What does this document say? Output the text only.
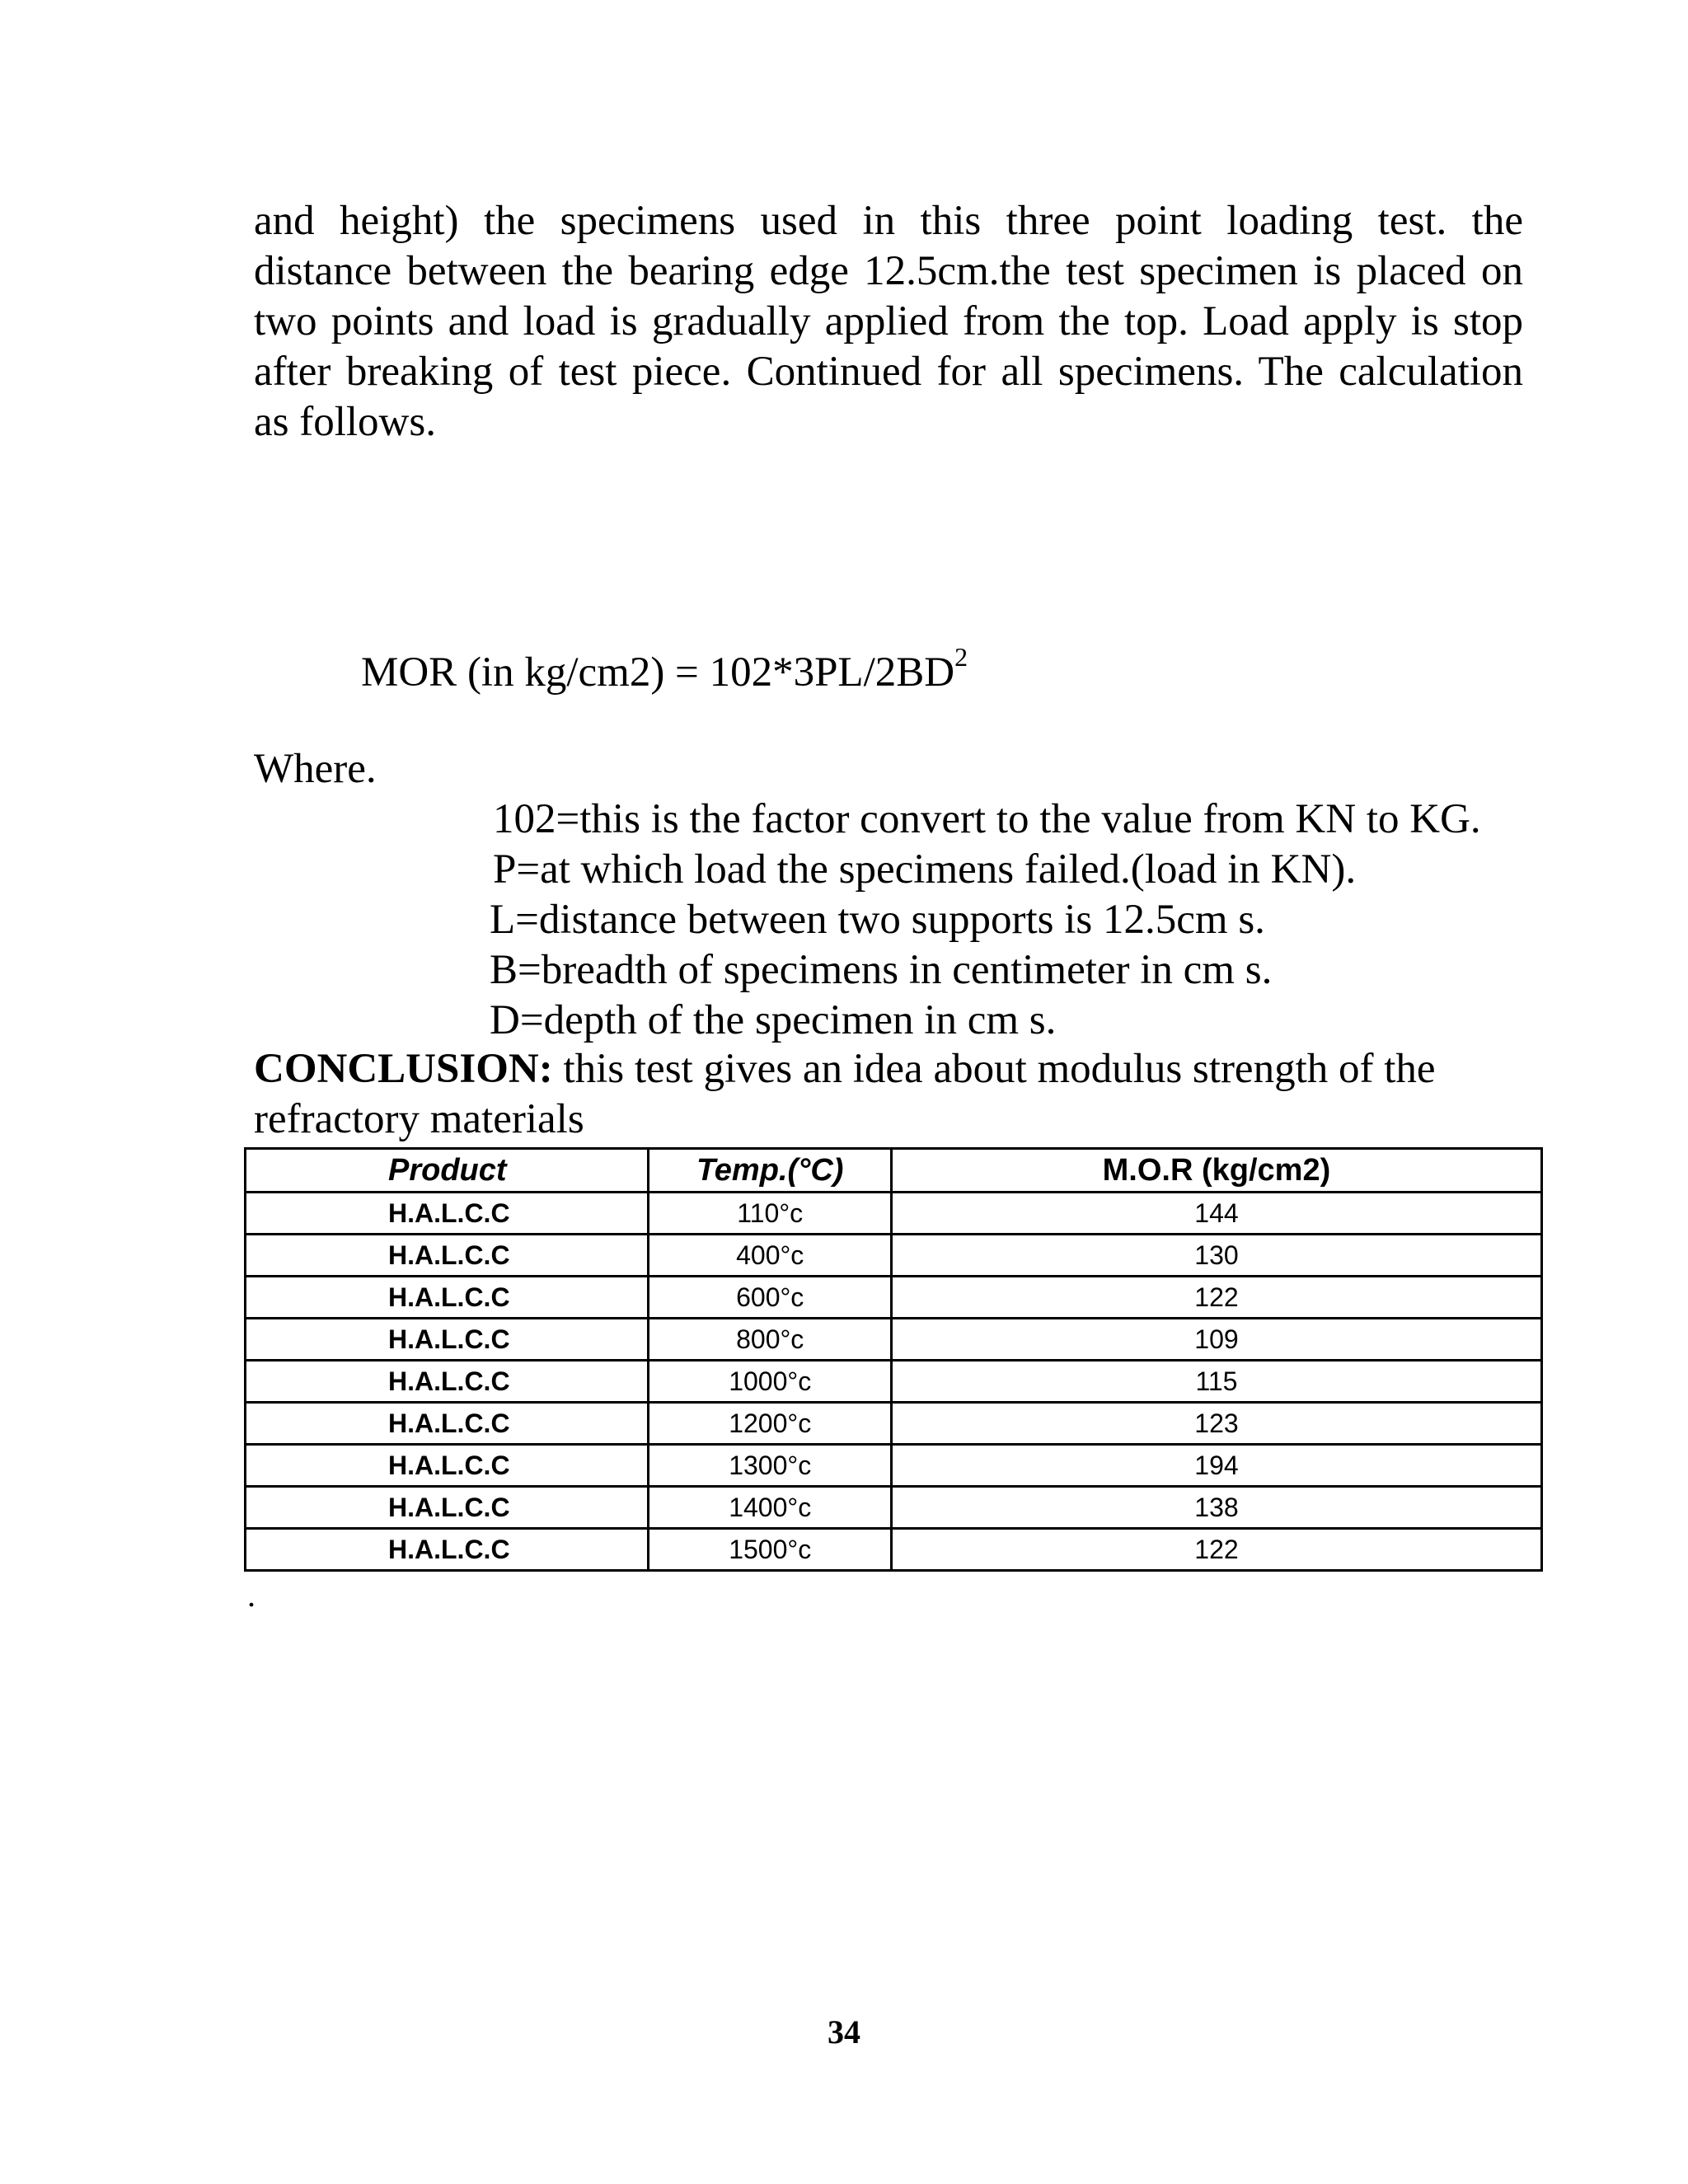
and height) the specimens used in this three point loading test. the

distance between the bearing edge 12.5cm.the test specimen is placed on

two points and load is gradually applied from the top. Load apply is stop

after breaking of test piece. Continued for all specimens. The calculation

as follows.

MOR (in $kg/cm2) = 102*3PL/2BD^2$

Where.

102=this is the factor convert to the value from KN to KG.
P=at which load the specimens failed.(load in KN).
L=distance between two supports is 12.5cm s.
B=breadth of specimens in centimeter in cm s.
D=depth of the specimen in cm s.

CONCLUSION: this test gives an idea about modulus strength of the refractory materials

Product	Temp.(°C)	M.O.R (kg/cm2)
H.A.L.C.C	110°c	144
H.A.L.C.C	400°c	130
H.A.L.C.C	600°c	122
H.A.L.C.C	800°c	109
H.A.L.C.C	1000°c	115
H.A.L.C.C	1200°c	123
H.A.L.C.C	1300°c	194
H.A.L.C.C	1400°c	138
H.A.L.C.C	1500°c	122

.

34
